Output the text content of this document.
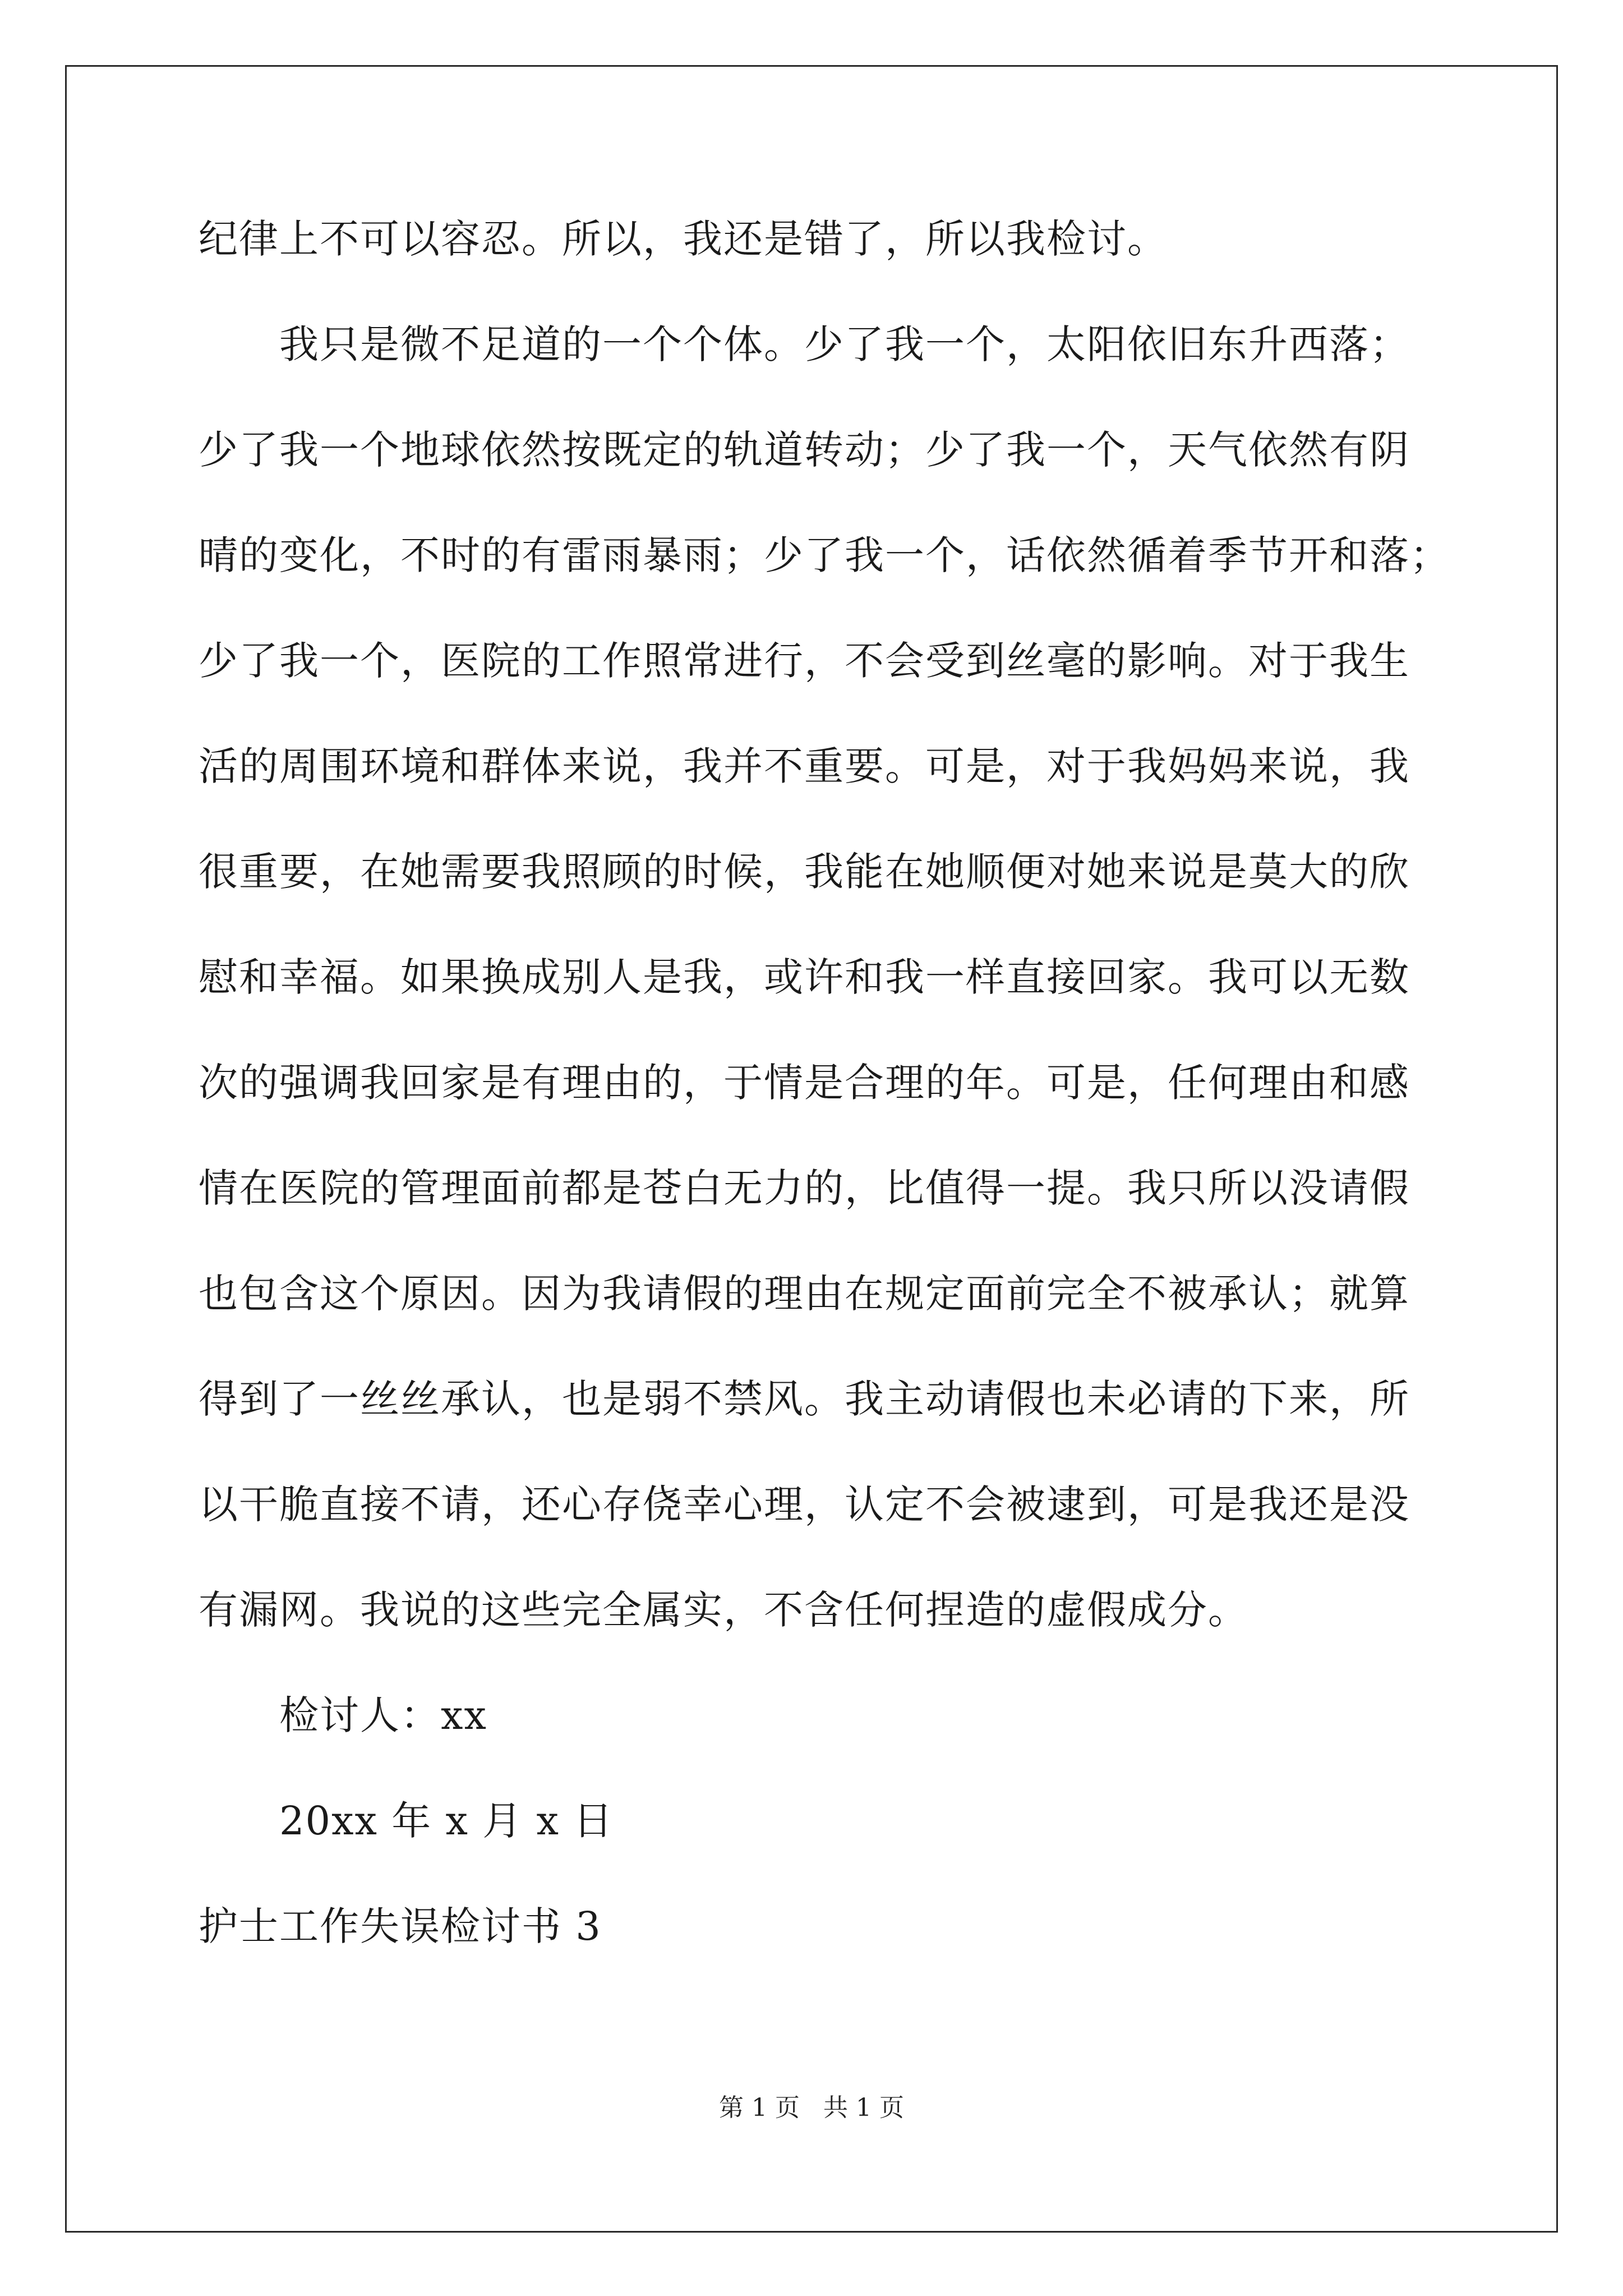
纪律上不可以容忍。所以，我还是错了，所以我检讨。
我只是微不足道的一个个体。少了我一个，太阳依旧东升西落；
少了我一个地球依然按既定的轨道转动；少了我一个，天气依然有阴
晴的变化，不时的有雷雨暴雨；少了我一个，话依然循着季节开和落；
少了我一个，医院的工作照常进行，不会受到丝毫的影响。对于我生
活的周围环境和群体来说，我并不重要。可是，对于我妈妈来说，我
很重要，在她需要我照顾的时候，我能在她顺便对她来说是莫大的欣
慰和幸福。如果换成别人是我，或许和我一样直接回家。我可以无数
次的强调我回家是有理由的，于情是合理的年。可是，任何理由和感
情在医院的管理面前都是苍白无力的，比值得一提。我只所以没请假
也包含这个原因。因为我请假的理由在规定面前完全不被承认；就算
得到了一丝丝承认，也是弱不禁风。我主动请假也未必请的下来，所
以干脆直接不请，还心存侥幸心理，认定不会被逮到，可是我还是没
有漏网。我说的这些完全属实，不含任何捏造的虚假成分。
检讨人：xx
20xx 年 x 月 x 日
护士工作失误检讨书 3
第 1 页   共 1 页
